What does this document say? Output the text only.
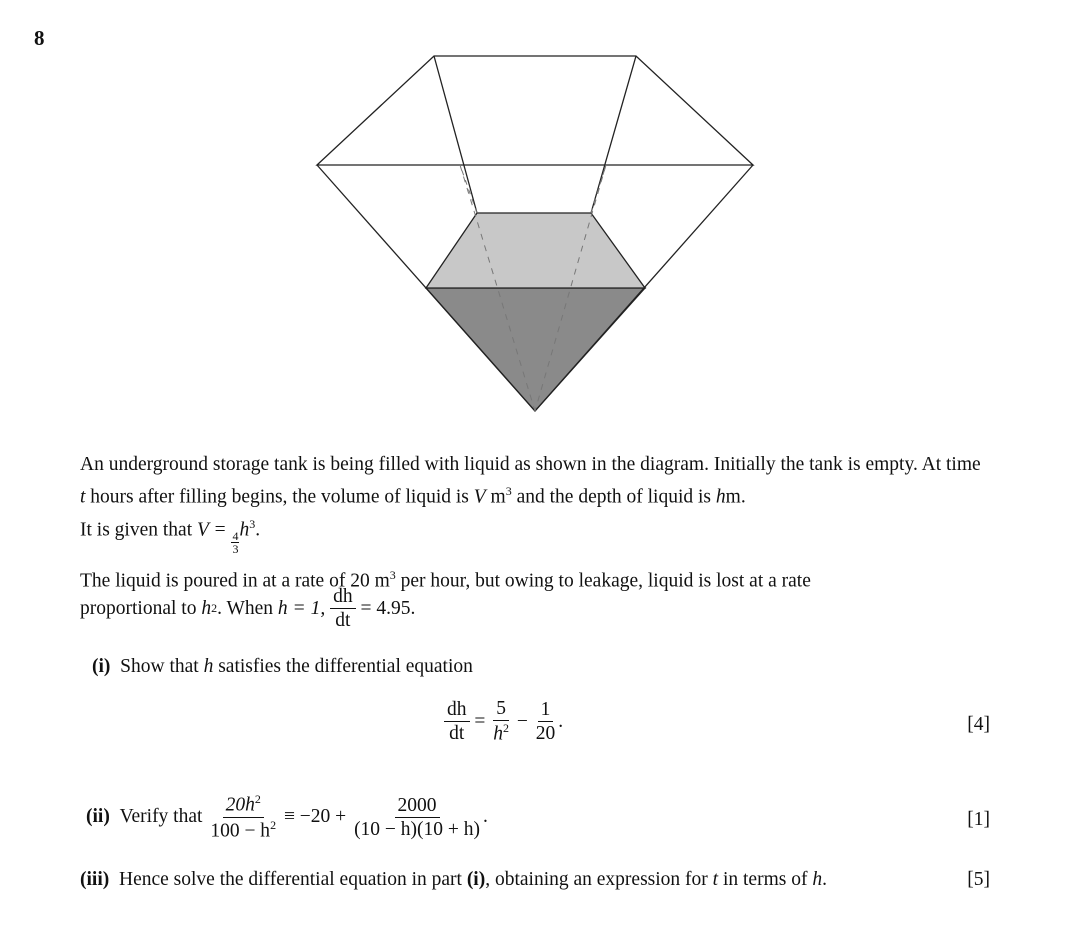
8
An underground storage tank is being filled with liquid as shown in the diagram. Initially the tank is empty. At time t hours after filling begins, the volume of liquid is V $m^3$ and the depth of liquid is hm.
It is given that V =
$\frac{4}{3}$
$h^3$.
The liquid is poured in at a rate of 20 $m^3$ per hour, but owing to leakage, liquid is lost at a rate
proportional to
h 2 . When
h = 1,
$\frac{dh}{dt}$
= 4.95.
(i)
Show that
h
satisfies the differential equation
$\frac{dh}{dt}$
=
$\frac{5}{h^2}$
−
$\frac{1}{20}$ .	[4]
(ii)
Verify that
$\frac{20h^2}{100 - h^2}$
≡ −20 +
$\frac{2000}{(10 - h)(10 + h)}$ .	[1]
(iii)
Hence solve the differential equation in part
(i) , obtaining an expression for
t
in terms of
h .	[5]
